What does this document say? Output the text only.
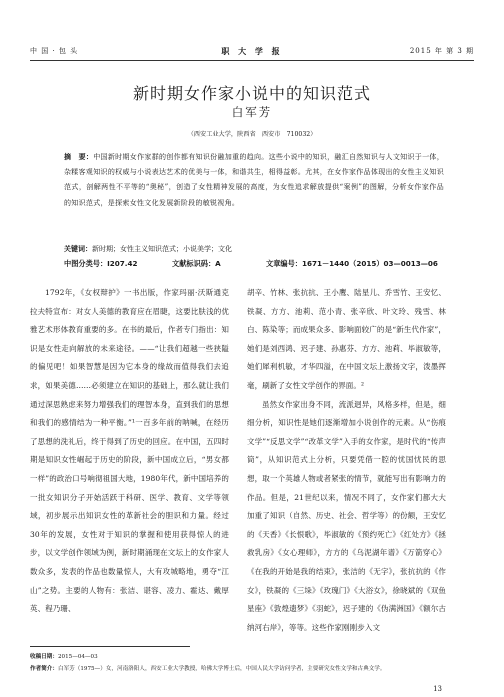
中 国 · 包 头	职 大 学 报	2015 年 第 3 期
新时期女作家小说中的知识范式
白军芳
（西安工业大学，陕西省　西安市　710032）
摘　要：中国新时期女作家群的创作都有知识份融加重的趋向。这些小说中的知识，融汇自然知识与人文知识于一体，杂糅客观知识的权威与小说表达艺术的优美与一体，和谐共生，相得益彰。尤其，在女作家作品体现出的女性主义知识范式，剖解两性不平等的“奥秘”，创造了女性精神发展的高度，为女性追求解放提供“案例”的图解，分析女作家作品的知识范式，是探索女性文化发展新阶段的敏锐视角。
关键词：新时期；女性主义知识范式；小说美学；文化
中图分类号：I207.42	文献标识码：A	文章编号：1671－1440（2015）03—0013—06

1792年，《女权辩护》一书出版，作家玛丽·沃斯通克拉夫特宣布：对女人美德的教育应在眉睫，这要比肤浅的优雅艺术形体教育重要的多。在书的最后，作者专门指出：知识是女性走向解放的未来途径。——“让我们超越一些狭隘的偏见吧！如果智慧是因为它本身的缘故而值得我们去追求，如果美德……必须建立在知识的基础上，那么就让我们通过深思熟虑来努力增强我们的理智本身，直到我们的思想和我们的感情结为一种平衡。”¹一百多年前的呐喊，在经历了思想的洗礼后，终于得到了历史的回应。在中国，五四时期是知识女性崛起于历史的阶段，新中国成立后，“男女都一样”的政治口号响彻祖国大地，1980年代，新中国培养的一批女知识分子开始活跃于科研、医学、教育、文学等领域，初步展示出知识女性的革新社会的胆识和力量。经过30年的发展，女性对于知识的掌握和使用获得惊人的进步，以文学创作领域为例，新时期涌现在文坛上的女作家人数众多，发表的作品也数量惊人，大有攻城略地，勇夺“江山”之势。主要的人物有：张洁、谌容、凌力、霍达、戴厚英、程乃珊、

胡辛、竹林、张抗抗、王小鹰、陆星儿、乔雪竹、王安忆、铁凝、方方、池莉、范小青、张辛欣、叶文玲、残雪、林白、陈染等；而成果众多、影响面较广的是“新生代作家”，她们是刘西鸿、迟子建、孙惠芬、方方、池莉、毕淑敏等，她们犀利机敏，才华四溢，在中国文坛上激扬文字，泼墨挥毫，刷新了女性文学创作的界面。²

虽然女作家出身不同，流派迥异，风格多样，但是，细细分析，知识性是她们逐渐增加小说创作的元素。从“伤痕文学”“反思文学”“改革文学”入手的女作家，是时代的“传声筒”，从知识范式上分析，只要凭借一腔的忧国忧民的思想，取一个英雄人物或者紧张的情节，就能写出有影响力的作品。但是，21世纪以来，情况不同了，女作家们都大大加重了知识（自然、历史、社会、哲学等）的份额，王安忆的《天香》《长恨歌》，毕淑敏的《预约死亡》《红处方》《拯救乳房》《女心理师》，方方的《乌泥湖年谱》《万箭穿心》《在我的开始是我的结束》，张洁的《无字》，张抗抗的《作女》，铁凝的《三垛》《玫瑰门》《大浴女》，徐晓斌的《双鱼星座》《敦煌遗梦》《羽蛇》，迟子建的《伪满洲国》《额尔古纳河右岸》，等等。这些作家刚刚步入文

收稿日期：2015—04—03
作者简介：白军芳（1975—）女，河南洛阳人，西安工业大学教授，哈佛大学博士后，中国人民大学访问学者，主要研究女性文学和古典文学。
13
